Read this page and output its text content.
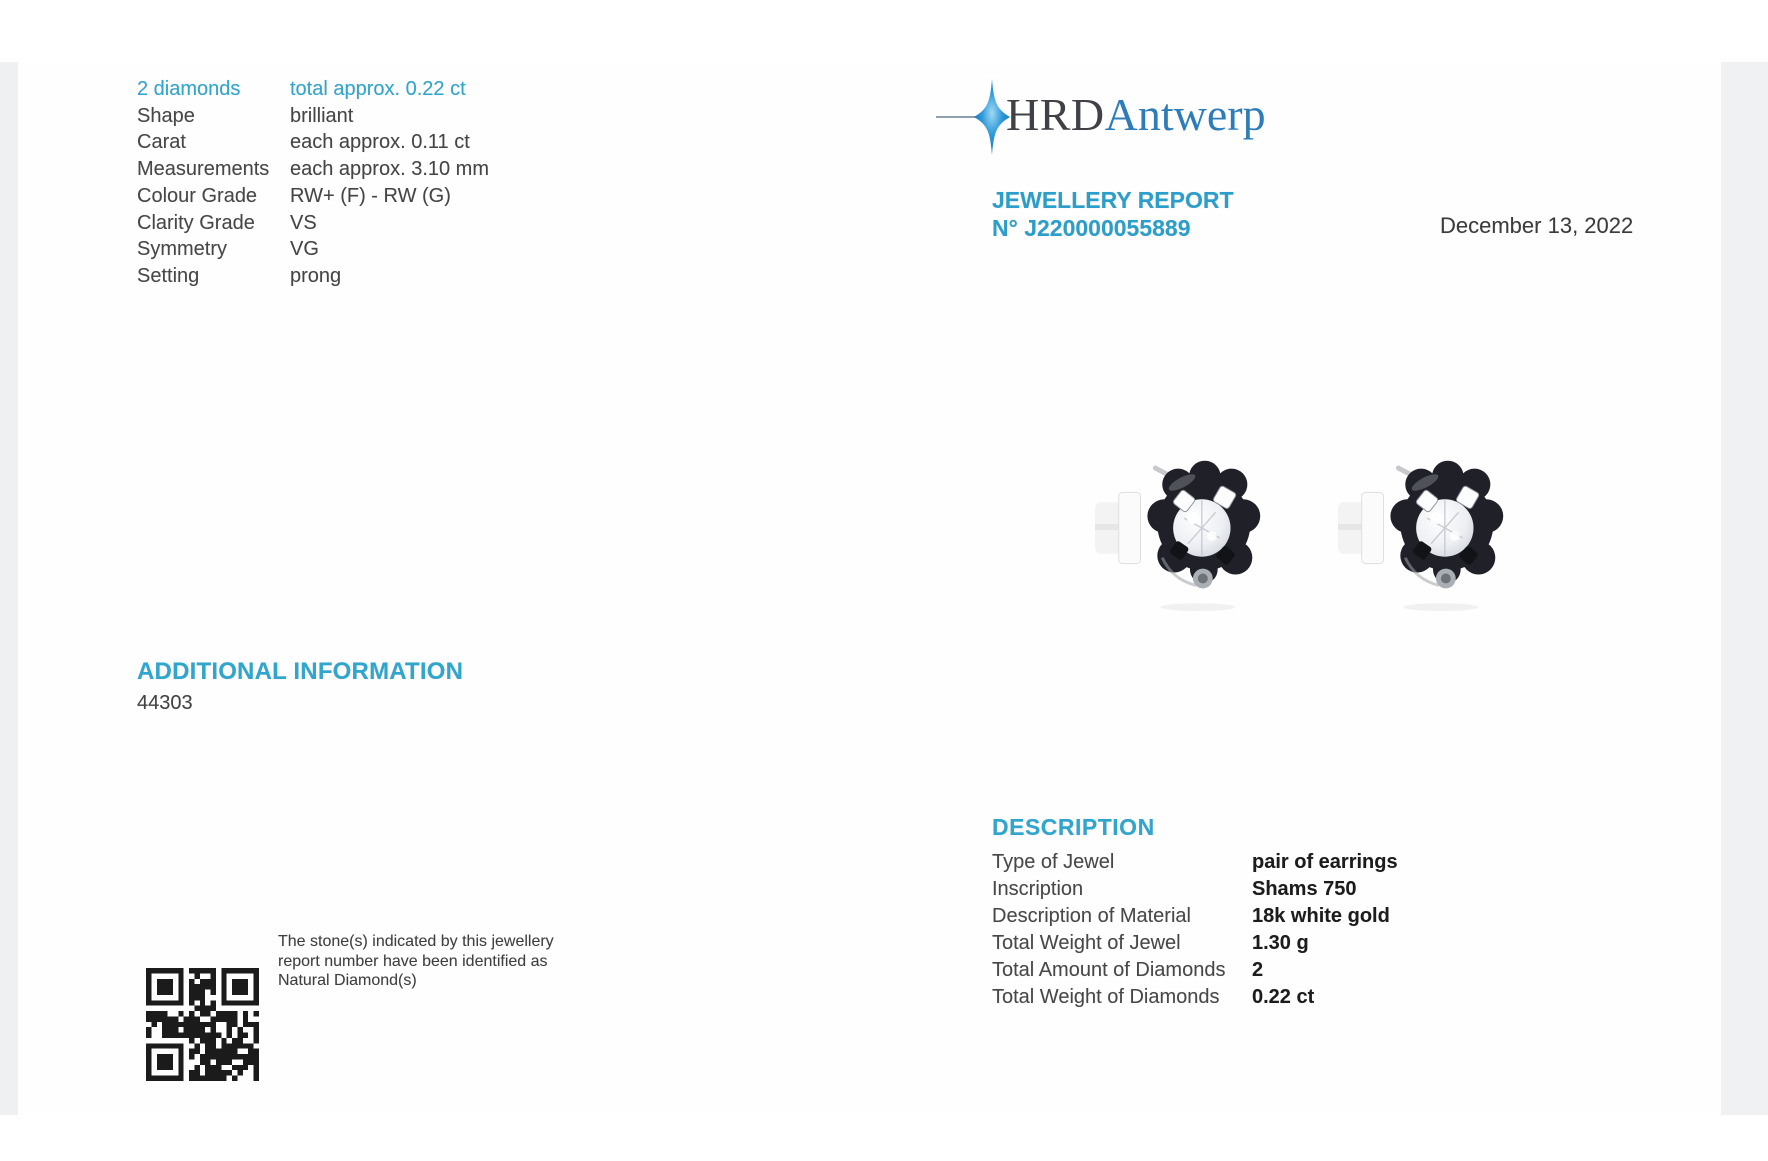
2 diamonds	total approx. 0.22 ct
Shape	brilliant
Carat	each approx. 0.11 ct
Measurements	each approx. 3.10 mm
Colour Grade	RW+ (F) - RW (G)
Clarity Grade	VS
Symmetry	VG
Setting	prong
HRDAntwerp
JEWELLERY REPORT
N° J220000055889	December 13, 2022
ADDITIONAL INFORMATION
44303
DESCRIPTION
Type of Jewel	pair of earrings
Inscription	Shams 750
Description of Material	18k white gold
Total Weight of Jewel	1.30 g
Total Amount of Diamonds	2
Total Weight of Diamonds	0.22 ct
The stone(s) indicated by this jewellery
report number have been identified as
Natural Diamond(s)
